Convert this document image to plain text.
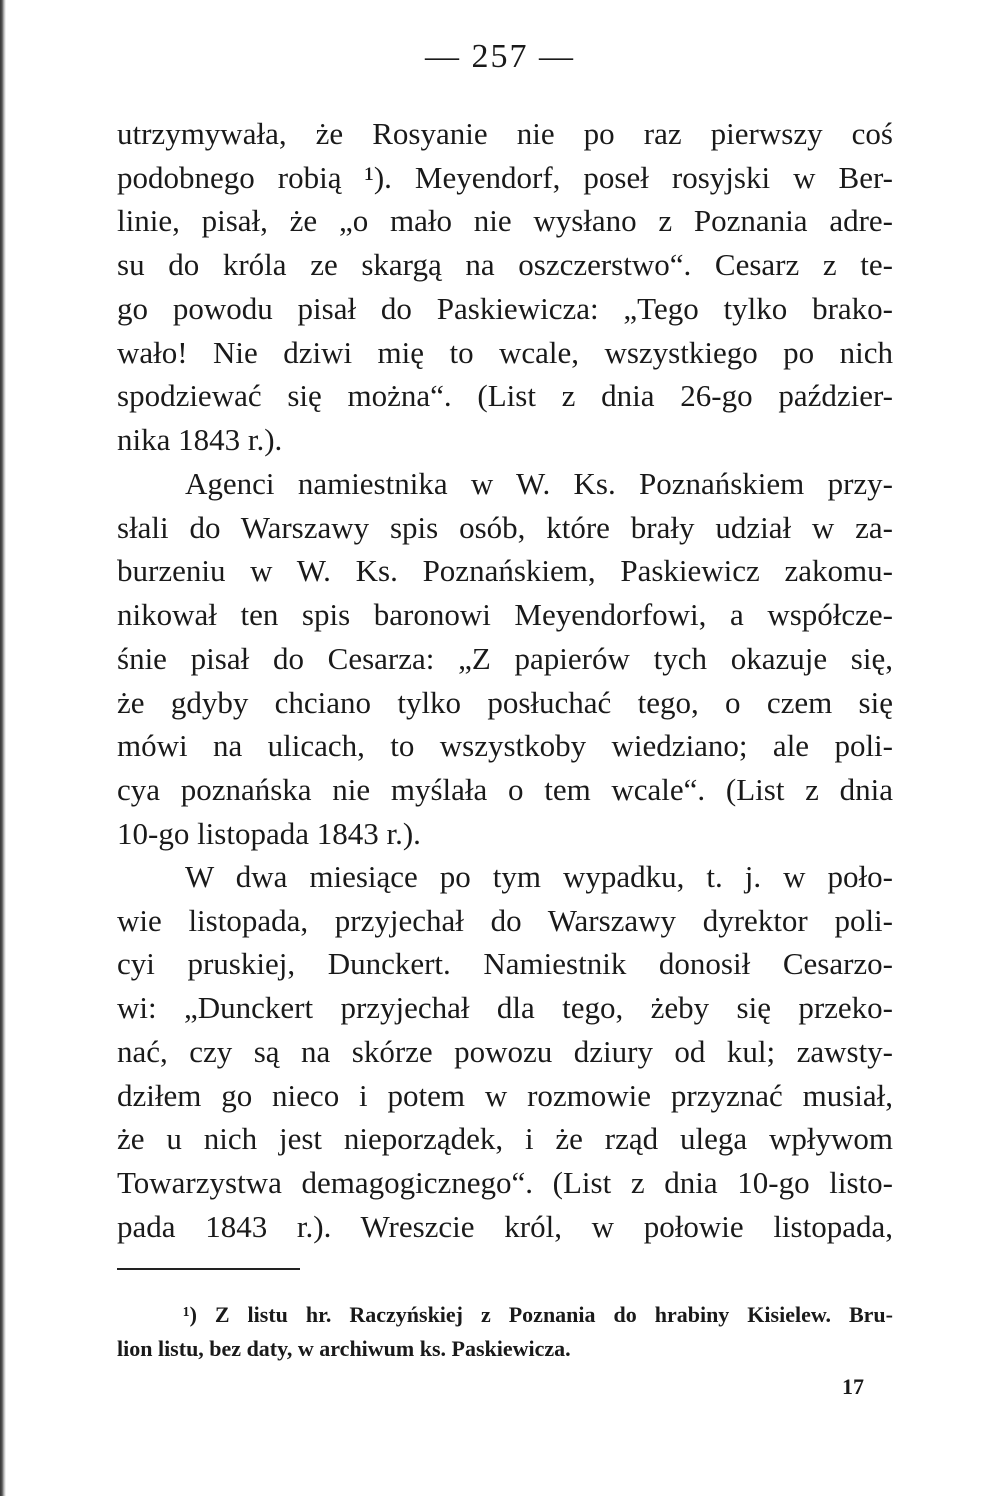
— 257 —
utrzymywała, że Rosyanie nie po raz pierwszy coś
podobnego robią ¹). Meyendorf, poseł rosyjski w Ber-
linie, pisał, że „o mało nie wysłano z Poznania adre-
su do króla ze skargą na oszczerstwo“. Cesarz z te-
go powodu pisał do Paskiewicza: „Tego tylko brako-
wało! Nie dziwi mię to wcale, wszystkiego po nich
spodziewać się można“. (List z dnia 26-go paździer-
nika 1843 r.).
Agenci namiestnika w W. Ks. Poznańskiem przy-
słali do Warszawy spis osób, które brały udział w za-
burzeniu w W. Ks. Poznańskiem, Paskiewicz zakomu-
nikował ten spis baronowi Meyendorfowi, a współcze-
śnie pisał do Cesarza: „Z papierów tych okazuje się,
że gdyby chciano tylko posłuchać tego, o czem się
mówi na ulicach, to wszystkoby wiedziano; ale poli-
cya poznańska nie myślała o tem wcale“. (List z dnia
10-go listopada 1843 r.).
W dwa miesiące po tym wypadku, t. j. w poło-
wie listopada, przyjechał do Warszawy dyrektor poli-
cyi pruskiej, Dunckert. Namiestnik donosił Cesarzo-
wi: „Dunckert przyjechał dla tego, żeby się przeko-
nać, czy są na skórze powozu dziury od kul; zawsty-
dziłem go nieco i potem w rozmowie przyznać musiał,
że u nich jest nieporządek, i że rząd ulega wpływom
Towarzystwa demagogicznego“. (List z dnia 10-go listo-
pada 1843 r.). Wreszcie król, w połowie listopada,
¹) Z listu hr. Raczyńskiej z Poznania do hrabiny Kisielew. Bru-
lion listu, bez daty, w archiwum ks. Paskiewicza.
17
